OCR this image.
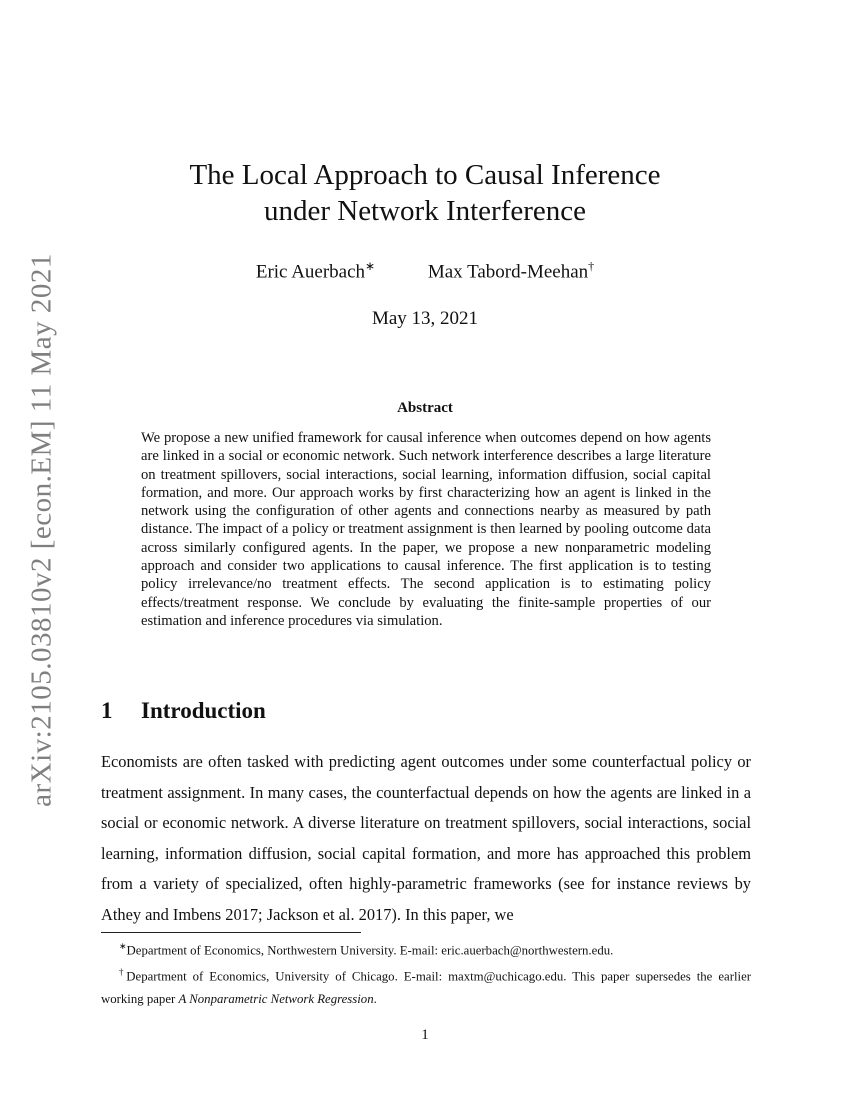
arXiv:2105.03810v2 [econ.EM] 11 May 2021
The Local Approach to Causal Inference
under Network Interference
Eric Auerbach∗	Max Tabord-Meehan†
May 13, 2021
Abstract
We propose a new unified framework for causal inference when outcomes depend on how agents are linked in a social or economic network. Such network interference describes a large literature on treatment spillovers, social interactions, social learning, information diffusion, social capital formation, and more. Our approach works by first characterizing how an agent is linked in the network using the configuration of other agents and connections nearby as measured by path distance. The impact of a policy or treatment assignment is then learned by pooling outcome data across similarly configured agents. In the paper, we propose a new nonparametric modeling approach and consider two applications to causal inference. The first application is to testing policy irrelevance/no treatment effects. The second application is to estimating policy effects/treatment response. We conclude by evaluating the finite-sample properties of our estimation and inference procedures via simulation.
1 Introduction
Economists are often tasked with predicting agent outcomes under some counterfactual policy or treatment assignment. In many cases, the counterfactual depends on how the agents are linked in a social or economic network. A diverse literature on treatment spillovers, social interactions, social learning, information diffusion, social capital formation, and more has approached this problem from a variety of specialized, often highly-parametric frameworks (see for instance reviews by Athey and Imbens 2017; Jackson et al. 2017). In this paper, we

∗Department of Economics, Northwestern University. E-mail: eric.auerbach@northwestern.edu.

†Department of Economics, University of Chicago. E-mail: maxtm@uchicago.edu. This paper supersedes the earlier working paper A Nonparametric Network Regression.

1
